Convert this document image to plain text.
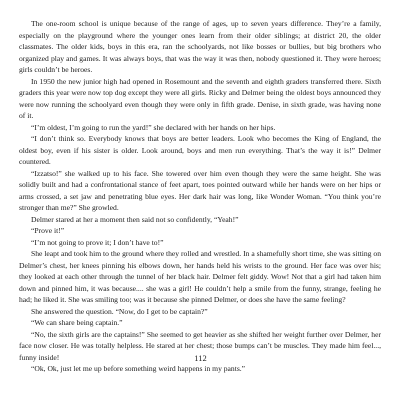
The one-room school is unique because of the range of ages, up to seven years difference. They’re a family, especially on the playground where the younger ones learn from their older siblings; at district 20, the older classmates. The older kids, boys in this era, ran the schoolyards, not like bosses or bullies, but big brothers who organized play and games. It was always boys, that was the way it was then, nobody questioned it. They were heroes; girls couldn’t be heroes.

In 1950 the new junior high had opened in Rosemount and the seventh and eighth graders transferred there. Sixth graders this year were now top dog except they were all girls. Ricky and Delmer being the oldest boys announced they were now running the schoolyard even though they were only in fifth grade. Denise, in sixth grade, was having none of it.

“I’m oldest, I’m going to run the yard!” she declared with her hands on her hips.

“I don’t think so. Everybody knows that boys are better leaders. Look who becomes the King of England, the oldest boy, even if his sister is older. Look around, boys and men run everything. That’s the way it is!” Delmer countered.

“Izzatso!” she walked up to his face. She towered over him even though they were the same height. She was solidly built and had a confrontational stance of feet apart, toes pointed outward while her hands were on her hips or arms crossed, a set jaw and penetrating blue eyes. Her dark hair was long, like Wonder Woman. “You think you’re stronger than me?” She growled.

Delmer stared at her a moment then said not so confidently, “Yeah!”

“Prove it!”

“I’m not going to prove it; I don’t have to!”

She leapt and took him to the ground where they rolled and wrestled. In a shamefully short time, she was sitting on Delmer’s chest, her knees pinning his elbows down, her hands held his wrists to the ground. Her face was over his; they looked at each other through the tunnel of her black hair. Delmer felt giddy. Wow! Not that a girl had taken him down and pinned him, it was because.... she was a girl! He couldn’t help a smile from the funny, strange, feeling he had; he liked it. She was smiling too; was it because she pinned Delmer, or does she have the same feeling?

She answered the question. “Now, do I get to be captain?”

“We can share being captain.”

“No, the sixth girls are the captains!” She seemed to get heavier as she shifted her weight further over Delmer, her face now closer. He was totally helpless. He stared at her chest; those bumps can’t be muscles. They made him feel..., funny inside!

“Ok, Ok, just let me up before something weird happens in my pants.”

112
